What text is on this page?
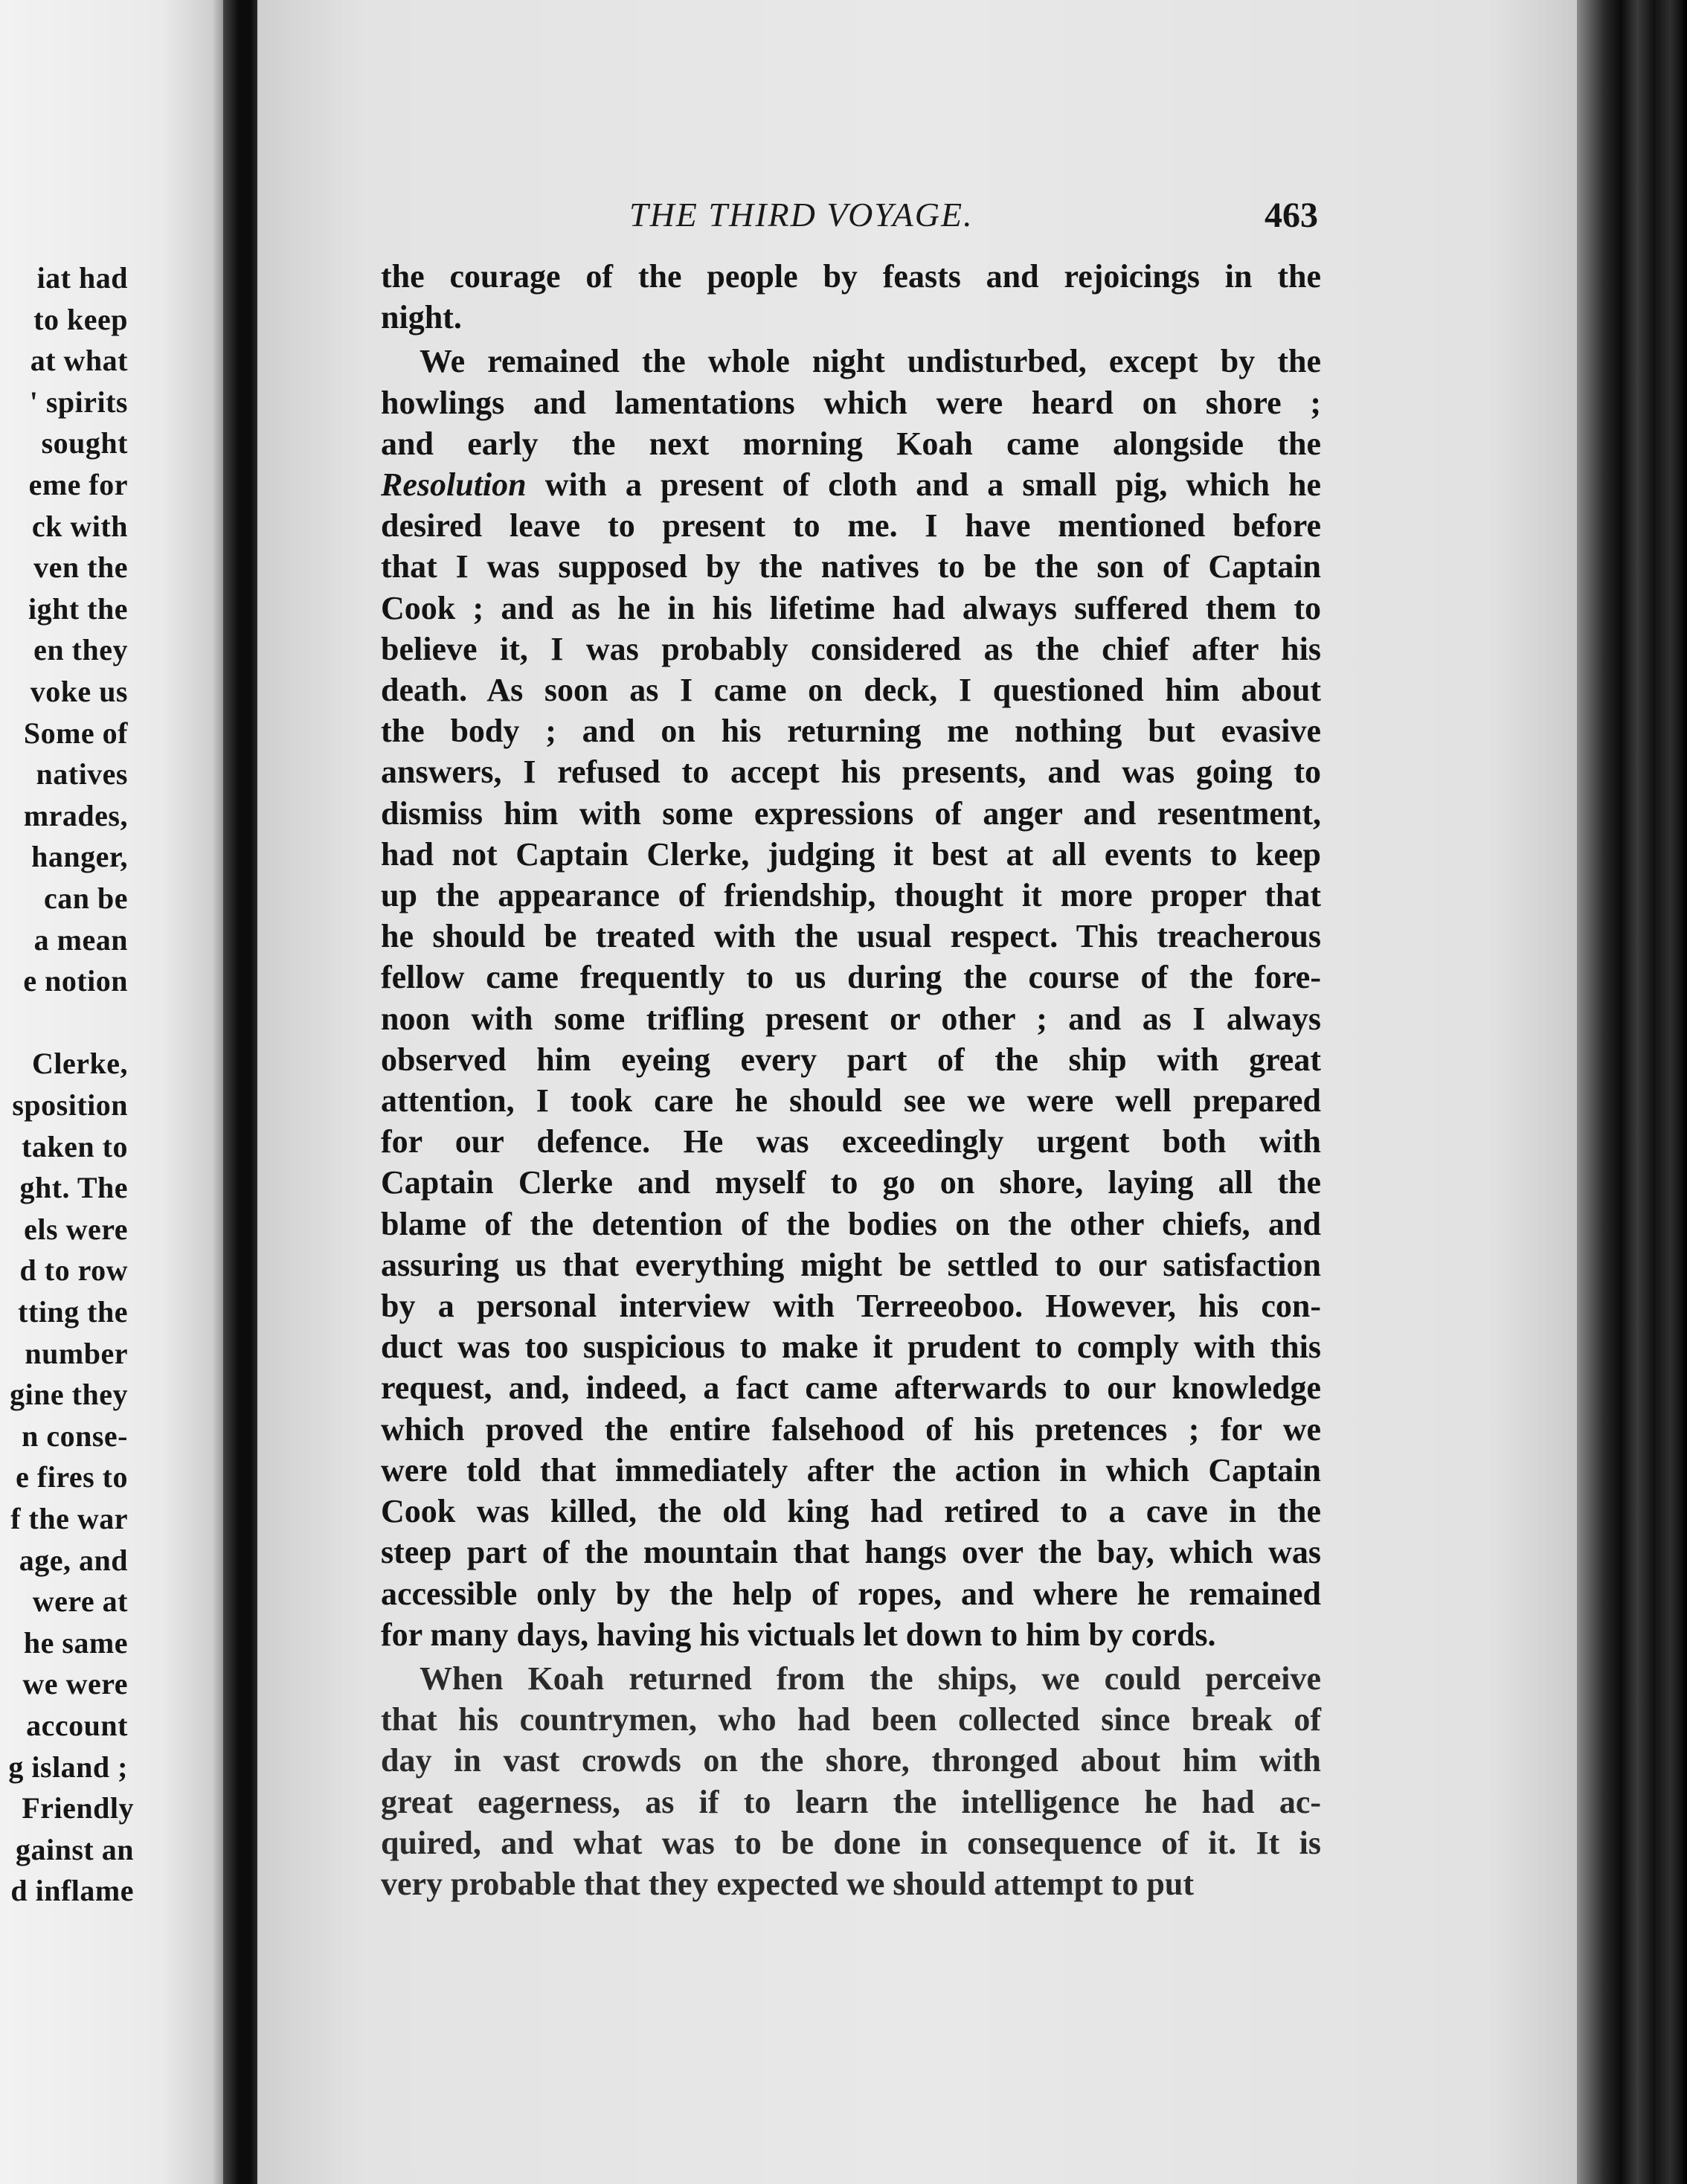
iat had
to keep
at what
' spirits
sought
eme for
ck with
ven the
ight the
en they
voke us
Some of
natives
mrades,
hanger,
can be
a mean
e notion
Clerke,
sposition
taken to
ght. The
els were
d to row
tting the
number
gine they
n conse-
e fires to
f the war
age, and
were at
he same
we were
account
g island ;
Friendly
gainst an
d inflame
THE THIRD VOYAGE.	463
the courage of the people by feasts and rejoicings in the
night.
We remained the whole night undisturbed, except by the
howlings and lamentations which were heard on shore ;
and early the next morning Koah came alongside the
Resolution with a present of cloth and a small pig, which he
desired leave to present to me. I have mentioned before
that I was supposed by the natives to be the son of Captain
Cook ; and as he in his lifetime had always suffered them to
believe it, I was probably considered as the chief after his
death. As soon as I came on deck, I questioned him about
the body ; and on his returning me nothing but evasive
answers, I refused to accept his presents, and was going to
dismiss him with some expressions of anger and resentment,
had not Captain Clerke, judging it best at all events to keep
up the appearance of friendship, thought it more proper that
he should be treated with the usual respect. This treacherous
fellow came frequently to us during the course of the fore-
noon with some trifling present or other ; and as I always
observed him eyeing every part of the ship with great
attention, I took care he should see we were well prepared
for our defence. He was exceedingly urgent both with
Captain Clerke and myself to go on shore, laying all the
blame of the detention of the bodies on the other chiefs, and
assuring us that everything might be settled to our satisfaction
by a personal interview with Terreeoboo. However, his con-
duct was too suspicious to make it prudent to comply with this
request, and, indeed, a fact came afterwards to our knowledge
which proved the entire falsehood of his pretences ; for we
were told that immediately after the action in which Captain
Cook was killed, the old king had retired to a cave in the
steep part of the mountain that hangs over the bay, which was
accessible only by the help of ropes, and where he remained
for many days, having his victuals let down to him by cords.
When Koah returned from the ships, we could perceive
that his countrymen, who had been collected since break of
day in vast crowds on the shore, thronged about him with
great eagerness, as if to learn the intelligence he had ac-
quired, and what was to be done in consequence of it. It is
very probable that they expected we should attempt to put
